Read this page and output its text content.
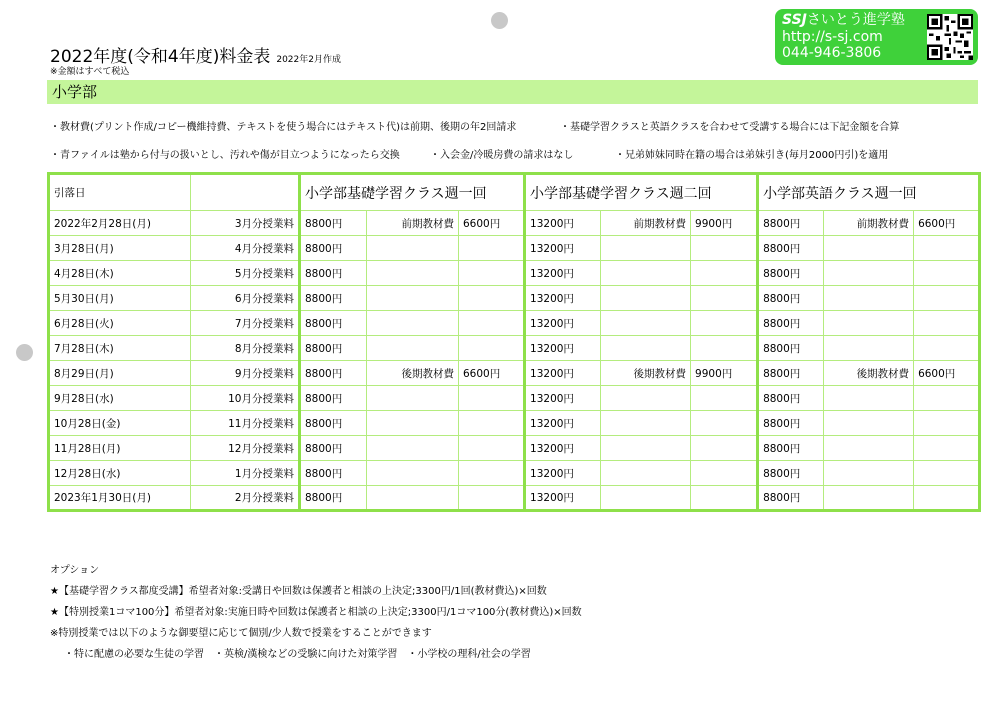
2022年度(令和4年度)料金表 2022年2月作成
※金額はすべて税込
SSJさいとう進学塾
http://s-sj.com
044-946-3806
小学部
・教材費(プリント作成/コピー機維持費、テキストを使う場合にはテキスト代)は前期、後期の年2回請求	・基礎学習クラスと英語クラスを合わせて受講する場合には下記金額を合算
・青ファイルは塾から付与の扱いとし、汚れや傷が目立つようになったら交換	・入会金/冷暖房費の請求はなし	・兄弟姉妹同時在籍の場合は弟妹引き(毎月2000円引)を適用
引落日		小学部基礎学習クラス週一回			小学部基礎学習クラス週二回			小学部英語クラス週一回		
2022年2月28日(月)	3月分授業料	8800円	前期教材費	6600円	13200円	前期教材費	9900円	8800円	前期教材費	6600円
3月28日(月)	4月分授業料	8800円			13200円			8800円		
4月28日(木)	5月分授業料	8800円			13200円			8800円		
5月30日(月)	6月分授業料	8800円			13200円			8800円		
6月28日(火)	7月分授業料	8800円			13200円			8800円		
7月28日(木)	8月分授業料	8800円			13200円			8800円		
8月29日(月)	9月分授業料	8800円	後期教材費	6600円	13200円	後期教材費	9900円	8800円	後期教材費	6600円
9月28日(水)	10月分授業料	8800円			13200円			8800円		
10月28日(金)	11月分授業料	8800円			13200円			8800円		
11月28日(月)	12月分授業料	8800円			13200円			8800円		
12月28日(水)	1月分授業料	8800円			13200円			8800円		
2023年1月30日(月)	2月分授業料	8800円			13200円			8800円		
オプション
★【基礎学習クラス都度受講】希望者対象:受講日や回数は保護者と相談の上決定;3300円/1回(教材費込)×回数
★【特別授業1コマ100分】希望者対象:実施日時や回数は保護者と相談の上決定;3300円/1コマ100分(教材費込)×回数
※特別授業では以下のような御要望に応じて個別/少人数で授業をすることができます
・特に配慮の必要な生徒の学習　・英検/漢検などの受験に向けた対策学習　・小学校の理科/社会の学習
